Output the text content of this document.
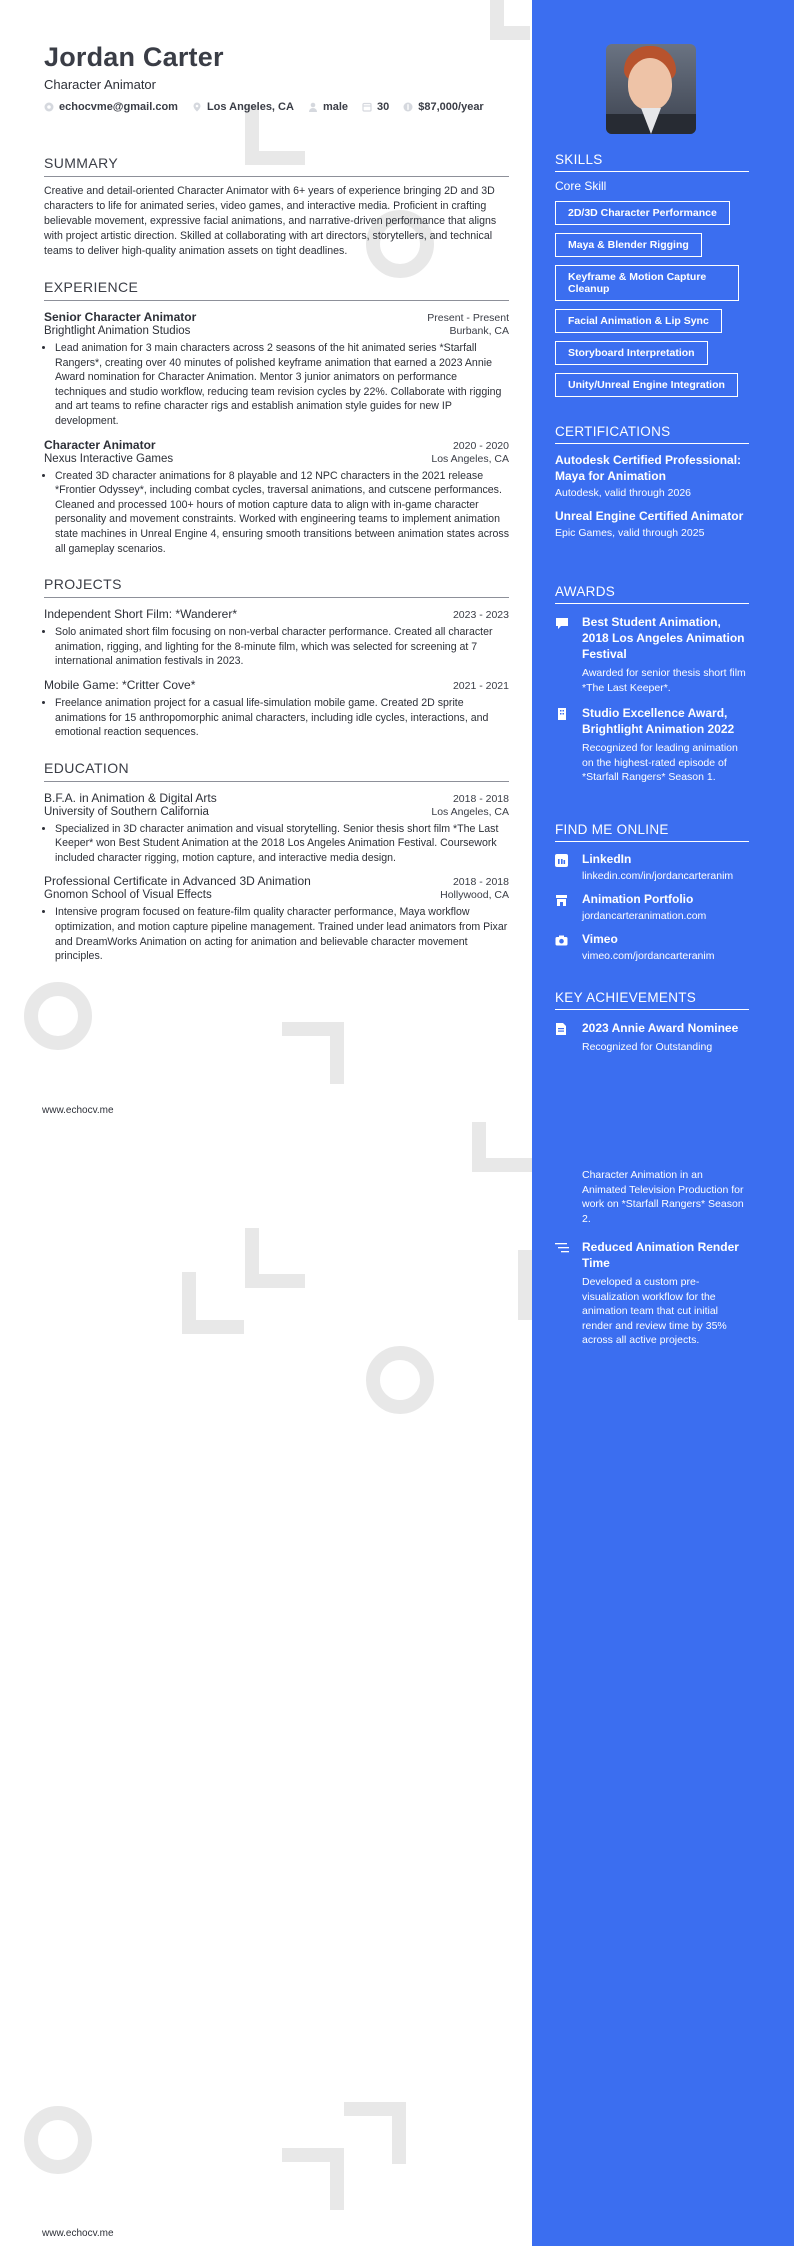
Jordan Carter
Character Animator
echocvme@gmail.com	Los Angeles, CA	male	30	$87,000/year
SUMMARY
Creative and detail-oriented Character Animator with 6+ years of experience bringing 2D and 3D characters to life for animated series, video games, and interactive media. Proficient in crafting believable movement, expressive facial animations, and narrative-driven performance that aligns with project artistic direction. Skilled at collaborating with art directors, storytellers, and technical teams to deliver high-quality animation assets on tight deadlines.
EXPERIENCE
Senior Character Animator	Present - Present
Brightlight Animation Studios	Burbank, CA
• Lead animation for 3 main characters across 2 seasons of the hit animated series *Starfall Rangers*, creating over 40 minutes of polished keyframe animation that earned a 2023 Annie Award nomination for Character Animation. Mentor 3 junior animators on performance techniques and studio workflow, reducing team revision cycles by 22%. Collaborate with rigging and art teams to refine character rigs and establish animation style guides for new IP development.
Character Animator	2020 - 2020
Nexus Interactive Games	Los Angeles, CA
• Created 3D character animations for 8 playable and 12 NPC characters in the 2021 release *Frontier Odyssey*, including combat cycles, traversal animations, and cutscene performances. Cleaned and processed 100+ hours of motion capture data to align with in-game character personality and movement constraints. Worked with engineering teams to implement animation state machines in Unreal Engine 4, ensuring smooth transitions between animation states across all gameplay scenarios.
PROJECTS
Independent Short Film: *Wanderer*	2023 - 2023
• Solo animated short film focusing on non-verbal character performance. Created all character animation, rigging, and lighting for the 8-minute film, which was selected for screening at 7 international animation festivals in 2023.
Mobile Game: *Critter Cove*	2021 - 2021
• Freelance animation project for a casual life-simulation mobile game. Created 2D sprite animations for 15 anthropomorphic animal characters, including idle cycles, interactions, and emotional reaction sequences.
EDUCATION
B.F.A. in Animation & Digital Arts	2018 - 2018
University of Southern California	Los Angeles, CA
• Specialized in 3D character animation and visual storytelling. Senior thesis short film *The Last Keeper* won Best Student Animation at the 2018 Los Angeles Animation Festival. Coursework included character rigging, motion capture, and interactive media design.
Professional Certificate in Advanced 3D Animation	2018 - 2018
Gnomon School of Visual Effects	Hollywood, CA
• Intensive program focused on feature-film quality character performance, Maya workflow optimization, and motion capture pipeline management. Trained under lead animators from Pixar and DreamWorks Animation on acting for animation and believable character movement principles.
www.echocv.me
www.echocv.me
SKILLS
Core Skill
2D/3D Character Performance
Maya & Blender Rigging
Keyframe & Motion Capture Cleanup
Facial Animation & Lip Sync
Storyboard Interpretation
Unity/Unreal Engine Integration
CERTIFICATIONS
Autodesk Certified Professional: Maya for Animation
Autodesk, valid through 2026
Unreal Engine Certified Animator
Epic Games, valid through 2025
AWARDS
Best Student Animation, 2018 Los Angeles Animation Festival
Awarded for senior thesis short film *The Last Keeper*.
Studio Excellence Award, Brightlight Animation 2022
Recognized for leading animation on the highest-rated episode of *Starfall Rangers* Season 1.
FIND ME ONLINE
LinkedIn
linkedin.com/in/jordancarteranim
Animation Portfolio
jordancarteranimation.com
Vimeo
vimeo.com/jordancarteranim
KEY ACHIEVEMENTS
2023 Annie Award Nominee
Recognized for Outstanding
Character Animation in an Animated Television Production for work on *Starfall Rangers* Season 2.
Reduced Animation Render Time
Developed a custom pre-visualization workflow for the animation team that cut initial render and review time by 35% across all active projects.
